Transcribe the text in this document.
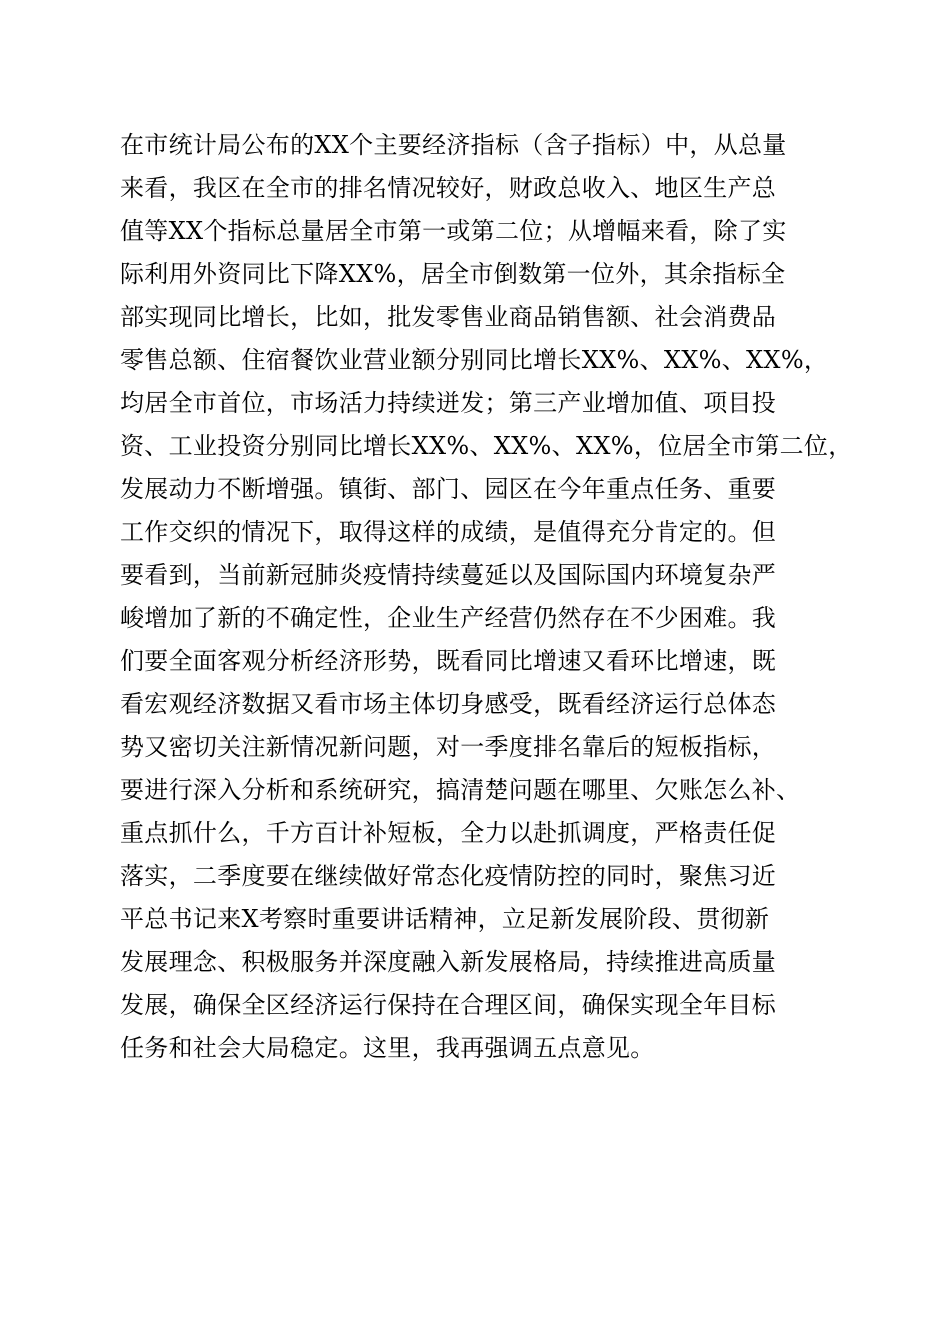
在市统计局公布的XX个主要经济指标（含子指标）中，从总量
来看，我区在全市的排名情况较好，财政总收入、地区生产总
值等XX个指标总量居全市第一或第二位；从增幅来看，除了实
际利用外资同比下降XX%，居全市倒数第一位外，其余指标全
部实现同比增长，比如，批发零售业商品销售额、社会消费品
零售总额、住宿餐饮业营业额分别同比增长XX%、XX%、XX%，
均居全市首位，市场活力持续迸发；第三产业增加值、项目投
资、工业投资分别同比增长XX%、XX%、XX%，位居全市第二位，
发展动力不断增强。镇街、部门、园区在今年重点任务、重要
工作交织的情况下，取得这样的成绩，是值得充分肯定的。但
要看到，当前新冠肺炎疫情持续蔓延以及国际国内环境复杂严
峻增加了新的不确定性，企业生产经营仍然存在不少困难。我
们要全面客观分析经济形势，既看同比增速又看环比增速，既
看宏观经济数据又看市场主体切身感受，既看经济运行总体态
势又密切关注新情况新问题，对一季度排名靠后的短板指标，
要进行深入分析和系统研究，搞清楚问题在哪里、欠账怎么补、
重点抓什么，千方百计补短板，全力以赴抓调度，严格责任促
落实，二季度要在继续做好常态化疫情防控的同时，聚焦习近
平总书记来X考察时重要讲话精神，立足新发展阶段、贯彻新
发展理念、积极服务并深度融入新发展格局，持续推进高质量
发展，确保全区经济运行保持在合理区间，确保实现全年目标
任务和社会大局稳定。这里，我再强调五点意见。
